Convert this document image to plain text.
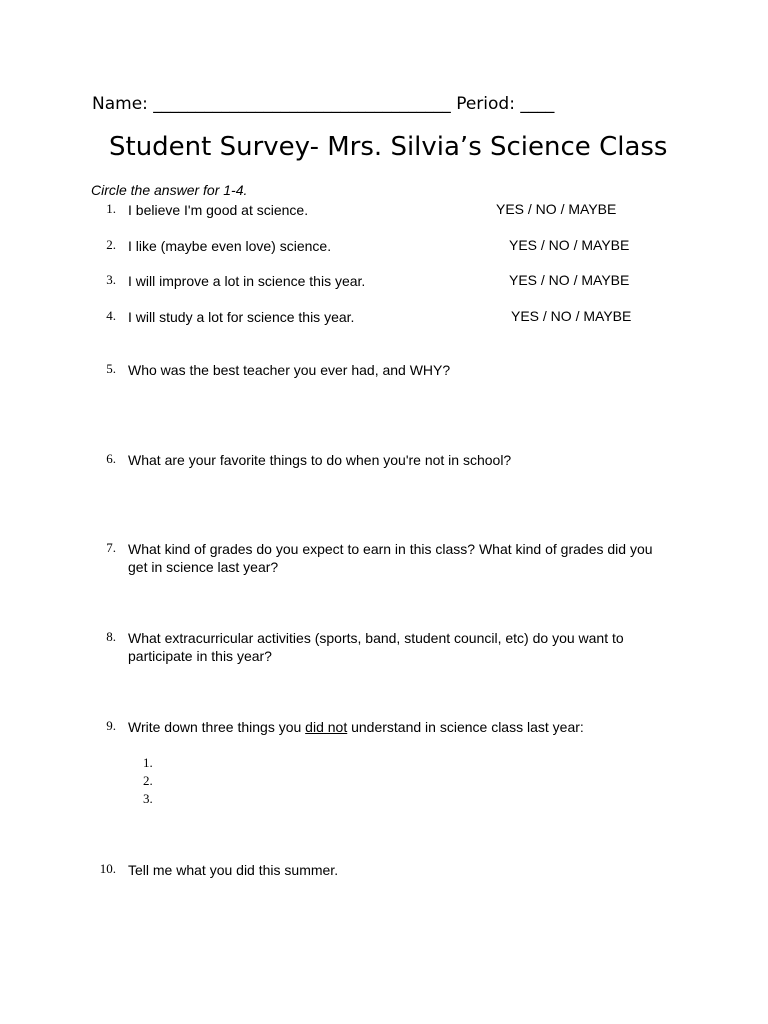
Name: ___________________________________ Period: ____
Student Survey- Mrs. Silvia’s Science Class
Circle the answer for 1-4.
1. I believe I'm good at science.	YES / NO / MAYBE
2. I like (maybe even love) science.	YES / NO / MAYBE
3. I will improve a lot in science this year.	YES / NO / MAYBE
4. I will study a lot for science this year.	YES / NO / MAYBE
5. Who was the best teacher you ever had, and WHY?
6. What are your favorite things to do when you're not in school?
7. What kind of grades do you expect to earn in this class? What kind of grades did you get in science last year?
8. What extracurricular activities (sports, band, student council, etc) do you want to participate in this year?
9. Write down three things you did not understand in science class last year:
1.
2.
3.
10. Tell me what you did this summer.
